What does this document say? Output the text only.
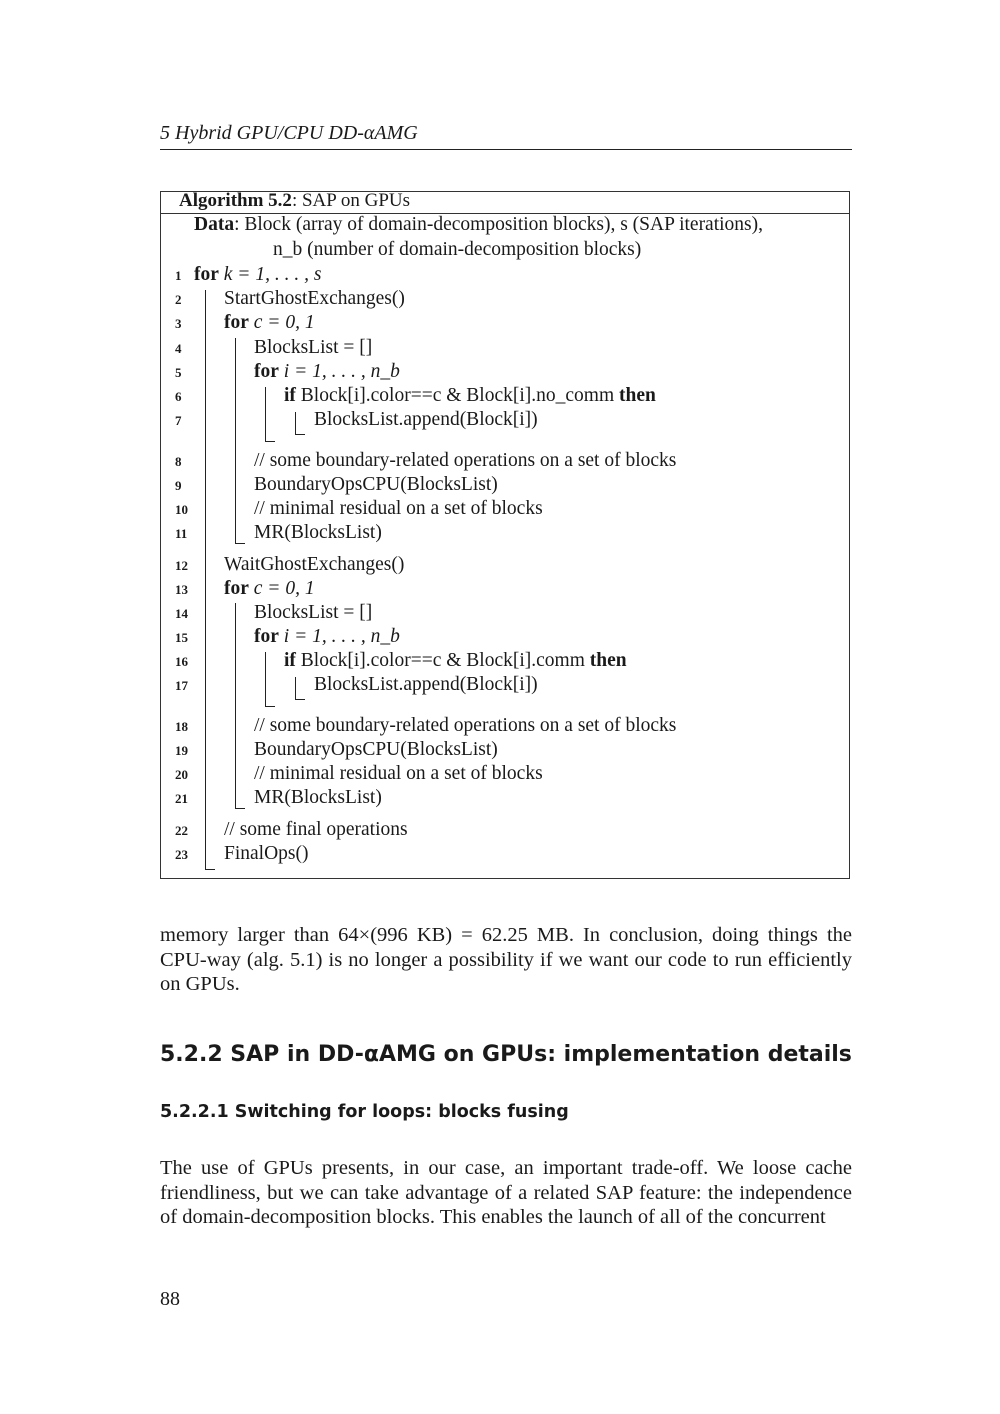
5 Hybrid GPU/CPU DD-αAMG
Algorithm 5.2: SAP on GPUs
Data: Block (array of domain-decomposition blocks), s (SAP iterations),
n_b (number of domain-decomposition blocks)
1 for k = 1, . . . , s
2 StartGhostExchanges()
3 for c = 0, 1
4	BlocksList = []
5	for i = 1, . . . , n_b
6	if Block[i].color==c & Block[i].no_comm then
7	BlocksList.append(Block[i])
8	// some boundary-related operations on a set of blocks
9	BoundaryOpsCPU(BlocksList)
10	// minimal residual on a set of blocks
11	MR(BlocksList)
12 WaitGhostExchanges()
13 for c = 0, 1
14	BlocksList = []
15	for i = 1, . . . , n_b
16	if Block[i].color==c & Block[i].comm then
17	BlocksList.append(Block[i])
18	// some boundary-related operations on a set of blocks
19	BoundaryOpsCPU(BlocksList)
20	// minimal residual on a set of blocks
21	MR(BlocksList)
22 // some final operations
23 FinalOps()
memory larger than 64×(996 KB) = 62.25 MB. In conclusion, doing things the CPU-way (alg. 5.1) is no longer a possibility if we want our code to run efficiently on GPUs.
5.2.2 SAP in DD-αAMG on GPUs: implementation details
5.2.2.1 Switching for loops: blocks fusing
The use of GPUs presents, in our case, an important trade-off. We loose cache friendliness, but we can take advantage of a related SAP feature: the independence of domain-decomposition blocks. This enables the launch of all of the concurrent
88
